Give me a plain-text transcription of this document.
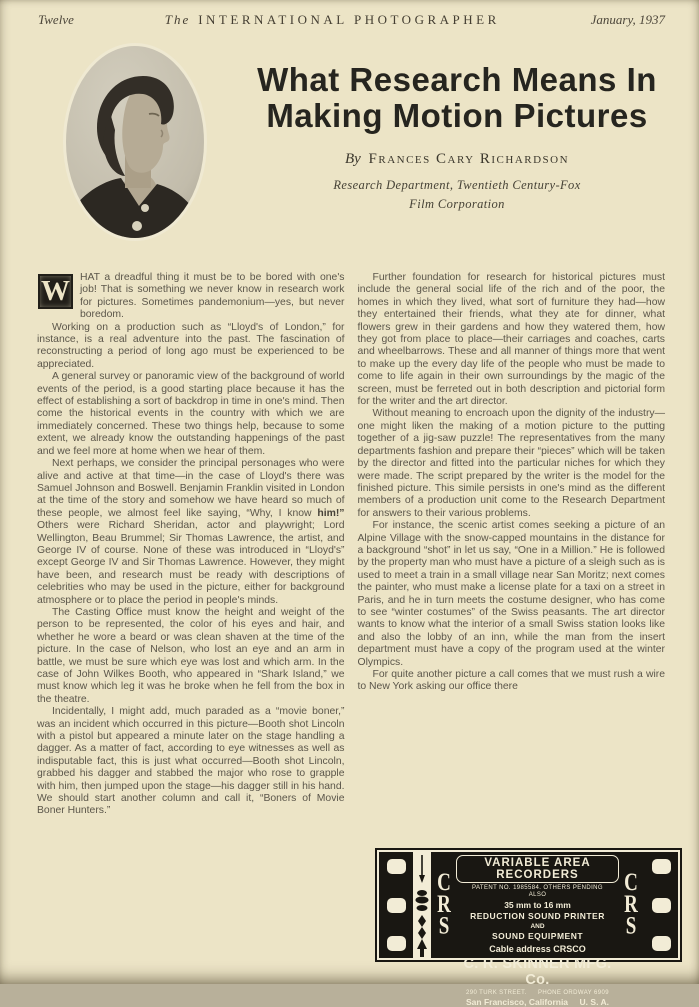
Twelve	The INTERNATIONAL PHOTOGRAPHER	January, 1937
What Research Means In
Making Motion Pictures
By Frances Cary Richardson
Research Department, Twentieth Century-Fox
Film Corporation

W HAT a dreadful thing it must be to be bored with one's job! That is something we never know in research work for pictures. Sometimes pandemonium—yes, but never boredom.

Working on a production such as “Lloyd's of London,” for instance, is a real adventure into the past. The fascination of reconstructing a period of long ago must be experienced to be appreciated.

A general survey or panoramic view of the background of world events of the period, is a good starting place because it has the effect of establishing a sort of backdrop in time in one's mind. Then come the historical events in the country with which we are immediately concerned. These two things help, because to some extent, we already know the outstanding happenings of the past and we feel more at home when we hear of them.

Next perhaps, we consider the principal personages who were alive and active at that time—in the case of Lloyd's there was Samuel Johnson and Boswell. Benjamin Franklin visited in London at the time of the story and somehow we have heard so much of these people, we almost feel like saying, “Why, I know him!” Others were Richard Sheridan, actor and playwright; Lord Wellington, Beau Brummel; Sir Thomas Lawrence, the artist, and George IV of course. None of these was introduced in “Lloyd's” except George IV and Sir Thomas Lawrence. However, they might have been, and research must be ready with descriptions of celebrities who may be used in the picture, either for background atmosphere or to place the period in people's minds.

The Casting Office must know the height and weight of the person to be represented, the color of his eyes and hair, and whether he wore a beard or was clean shaven at the time of the picture. In the case of Nelson, who lost an eye and an arm in battle, we must be sure which eye was lost and which arm. In the case of John Wilkes Booth, who appeared in “Shark Island,” we must know which leg it was he broke when he fell from the box in the theatre.

Incidentally, I might add, much paraded as a “movie boner,” was an incident which occurred in this picture—Booth shot Lincoln with a pistol but appeared a minute later on the stage handling a dagger. As a matter of fact, according to eye witnesses as well as indisputable fact, this is just what occurred—Booth shot Lincoln, grabbed his dagger and stabbed the major who rose to grapple with him, then jumped upon the stage—his dagger still in his hand. We should start another column and call it, “Boners of Movie Boner Hunters.”

Further foundation for research for historical pictures must include the general social life of the rich and of the poor, the homes in which they lived, what sort of furniture they had—how they entertained their friends, what they ate for dinner, what flowers grew in their gardens and how they watered them, how they got from place to place—their carriages and coaches, carts and wheelbarrows. These and all manner of things more that went to make up the every day life of the people who must be made to come to life again in their own surroundings by the magic of the screen, must be ferreted out in both description and pictorial form for the writer and the art director.

Without meaning to encroach upon the dignity of the industry—one might liken the making of a motion picture to the putting together of a jig-saw puzzle! The representatives from the many departments fashion and prepare their “pieces” which will be taken by the director and fitted into the particular niches for which they were made. The script prepared by the writer is the model for the finished picture. This simile persists in one's mind as the different members of a production unit come to the Research Department for answers to their various problems.

For instance, the scenic artist comes seeking a picture of an Alpine Village with the snow-capped mountains in the distance for a background “shot” in let us say, “One in a Million.” He is followed by the property man who must have a picture of a sleigh such as is used to meet a train in a small village near San Moritz; next comes the painter, who must make a license plate for a taxi on a street in Paris, and he in turn meets the costume designer, who has come to see “winter costumes” of the Swiss peasants. The art director wants to know what the interior of a small Swiss station looks like and also the lobby of an inn, while the man from the insert department must have a copy of the program used at the winter Olympics.

For quite another picture a call comes that we must rush a wire to New York asking our office there

C
R
S
VARIABLE AREA RECORDERS
PATENT NO. 1985584. OTHERS PENDING
ALSO
35 mm to 16 mm
REDUCTION SOUND PRINTER
AND
SOUND EQUIPMENT
Cable address CRSCO
C. R. SKINNER MFG. Co.
290 TURK STREET. PHONE ORDWAY 6909
San Francisco, California U. S. A.
C
R
S
